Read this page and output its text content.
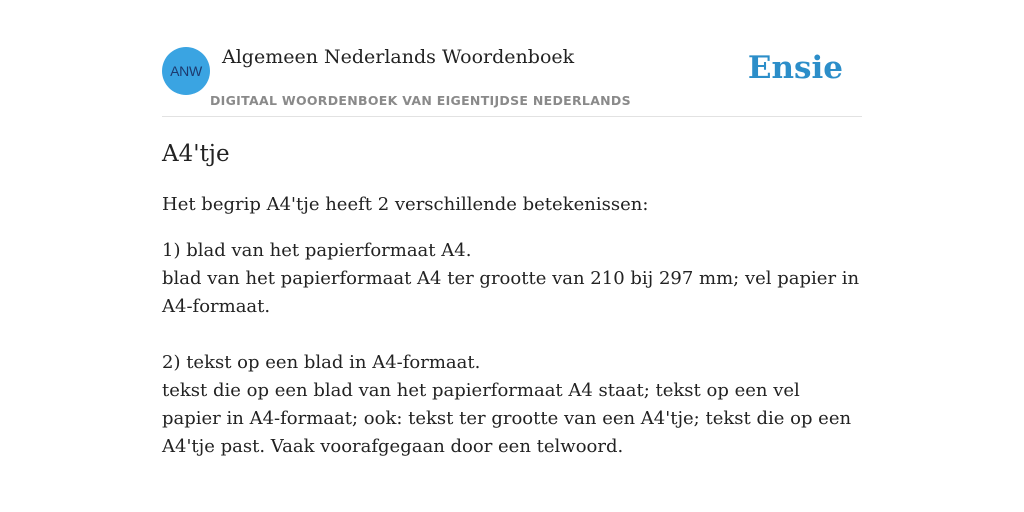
ANW
Algemeen Nederlands Woordenboek
DIGITAAL WOORDENBOEK VAN EIGENTIJDSE NEDERLANDS
Ensie
A4'tje

Het begrip A4'tje heeft 2 verschillende betekenissen:

1) blad van het papierformaat A4.
blad van het papierformaat A4 ter grootte van 210 bij 297 mm; vel papier in A4-formaat.
2) tekst op een blad in A4-formaat.
tekst die op een blad van het papierformaat A4 staat; tekst op een vel papier in A4-formaat; ook: tekst ter grootte van een A4'tje; tekst die op een A4'tje past. Vaak voorafgegaan door een telwoord.
